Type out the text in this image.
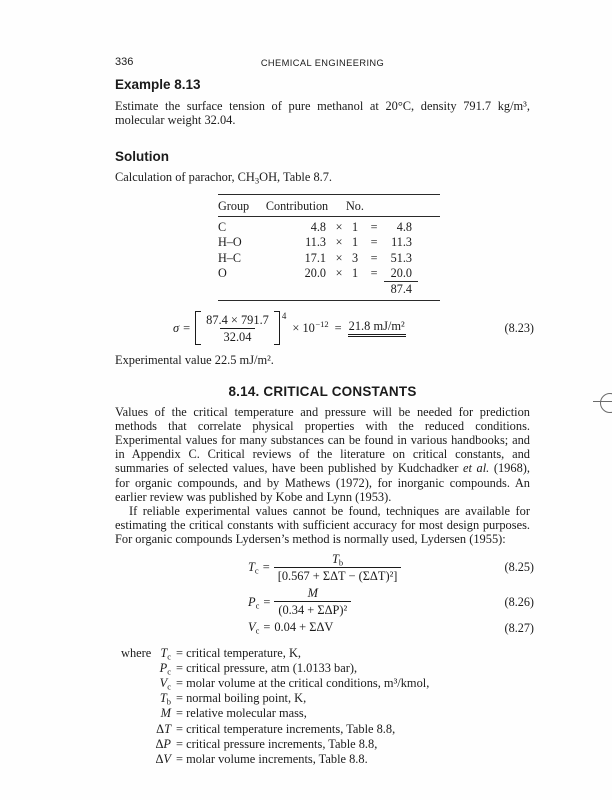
336	CHEMICAL ENGINEERING
Example 8.13

Estimate the surface tension of pure methanol at 20°C, density 791.7 kg/m³, molecular weight 32.04.

Solution

Calculation of parachor, $CH_3OH$, Table 8.7.

Group	Contribution	No.
C	4.8 × 1	=	4.8
H–O	11.3 × 1	=	11.3
H–C	17.1 × 3	=	51.3
O	20.0 × 1	=	20.0
87.4
$\sigma = \frac{87.4 \times 791.7}{32.04} 4$
× $10^{-12} = 21.8$ mJ/m²	(8.23)

Experimental value 22.5 mJ/m².

8.14. CRITICAL CONSTANTS

Values of the critical temperature and pressure will be needed for prediction methods that correlate physical properties with the reduced conditions. Experimental values for many substances can be found in various handbooks; and in Appendix C. Critical reviews of the literature on critical constants, and summaries of selected values, have been published by Kudchadker et al. (1968), for organic compounds, and by Mathews (1972), for inorganic compounds. An earlier review was published by Kobe and Lynn (1953).

If reliable experimental values cannot be found, techniques are available for estimating the critical constants with sufficient accuracy for most design purposes. For organic compounds Lydersen’s method is normally used, Lydersen (1955):

$T_c = \frac{T_b}{\text{[0.567 + ΣΔT − (ΣΔT)²]}}$	(8.25)
$P_c = \frac{M}{\text{(0.34 + ΣΔP)²}}$	(8.26)
$V_c = 0.04 + \Sigma\Delta V$	(8.27)
where $T_c$ = critical temperature, K,
$P_c$ = critical pressure, atm (1.0133 bar),
$V_c$ = molar volume at the critical conditions, m³/kmol,
$T_b$ = normal boiling point, K,
M = relative molecular mass,
ΔT = critical temperature increments, Table 8.8,
ΔP = critical pressure increments, Table 8.8,
ΔV = molar volume increments, Table 8.8.
